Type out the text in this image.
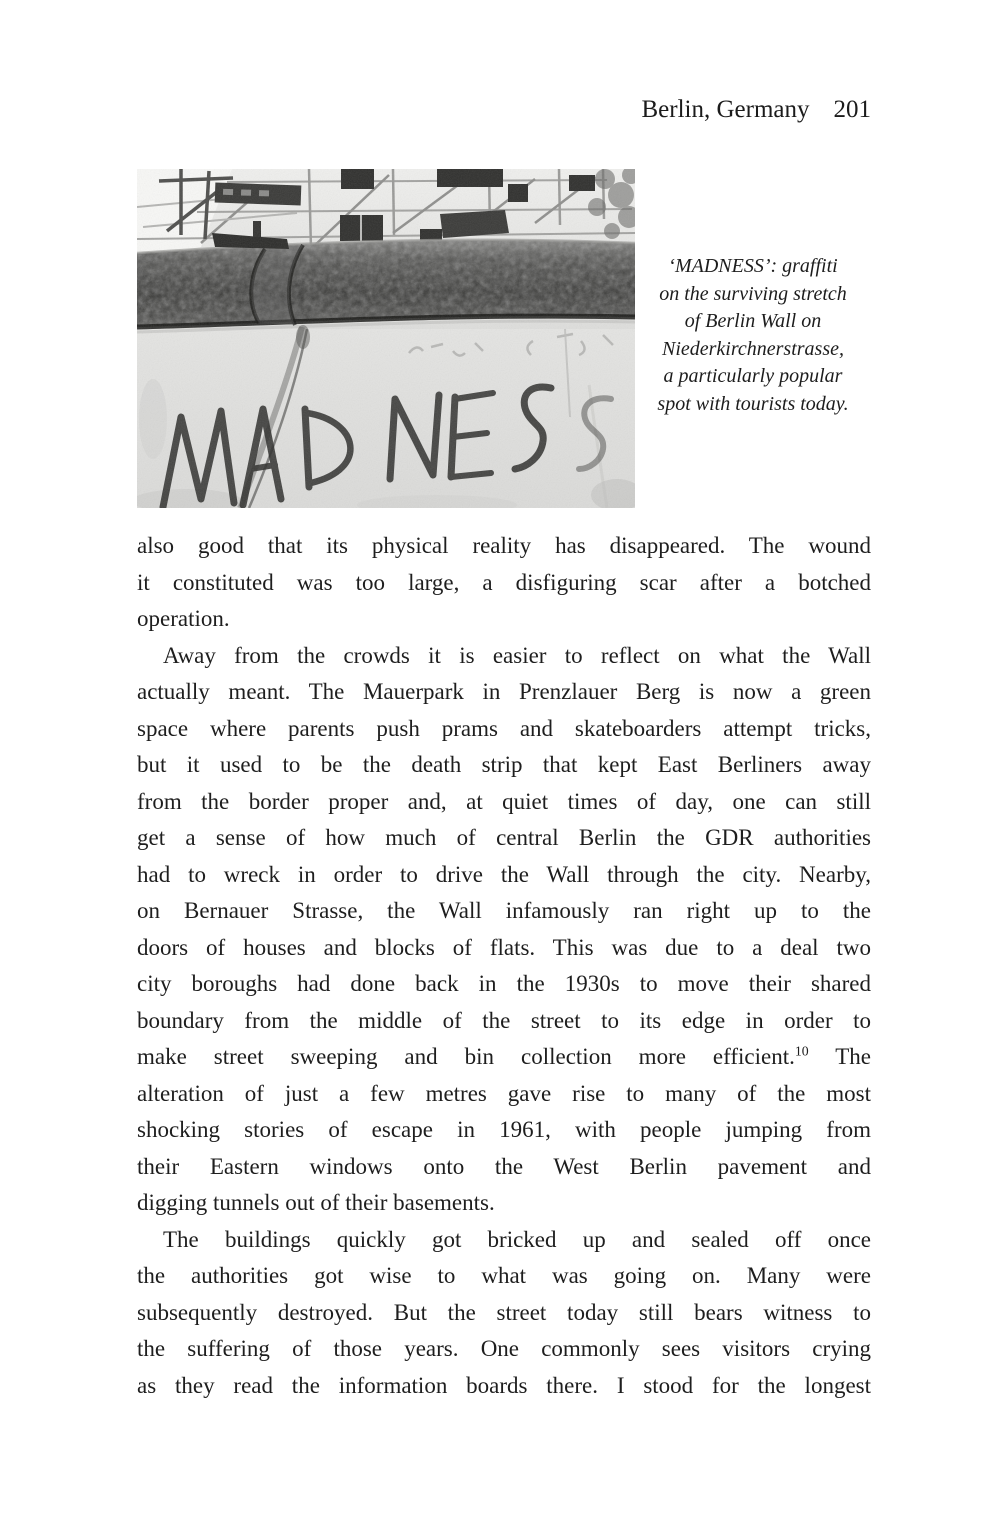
Berlin, Germany 201
‘MADNESS’: graffiti
on the surviving stretch
of Berlin Wall on
Niederkirchnerstrasse,
a particularly popular
spot with tourists today.
also good that its physical reality has disappeared. The wound
it constituted was too large, a disfiguring scar after a botched
operation.
Away from the crowds it is easier to reflect on what the Wall
actually meant. The Mauerpark in Prenzlauer Berg is now a green
space where parents push prams and skateboarders attempt tricks,
but it used to be the death strip that kept East Berliners away
from the border proper and, at quiet times of day, one can still
get a sense of how much of central Berlin the GDR authorities
had to wreck in order to drive the Wall through the city. Nearby,
on Bernauer Strasse, the Wall infamously ran right up to the
doors of houses and blocks of flats. This was due to a deal two
city boroughs had done back in the 1930s to move their shared
boundary from the middle of the street to its edge in order to
make street sweeping and bin collection more efficient.$^{10}$ The
alteration of just a few metres gave rise to many of the most
shocking stories of escape in 1961, with people jumping from
their Eastern windows onto the West Berlin pavement and
digging tunnels out of their basements.
The buildings quickly got bricked up and sealed off once
the authorities got wise to what was going on. Many were
subsequently destroyed. But the street today still bears witness to
the suffering of those years. One commonly sees visitors crying
as they read the information boards there. I stood for the longest
